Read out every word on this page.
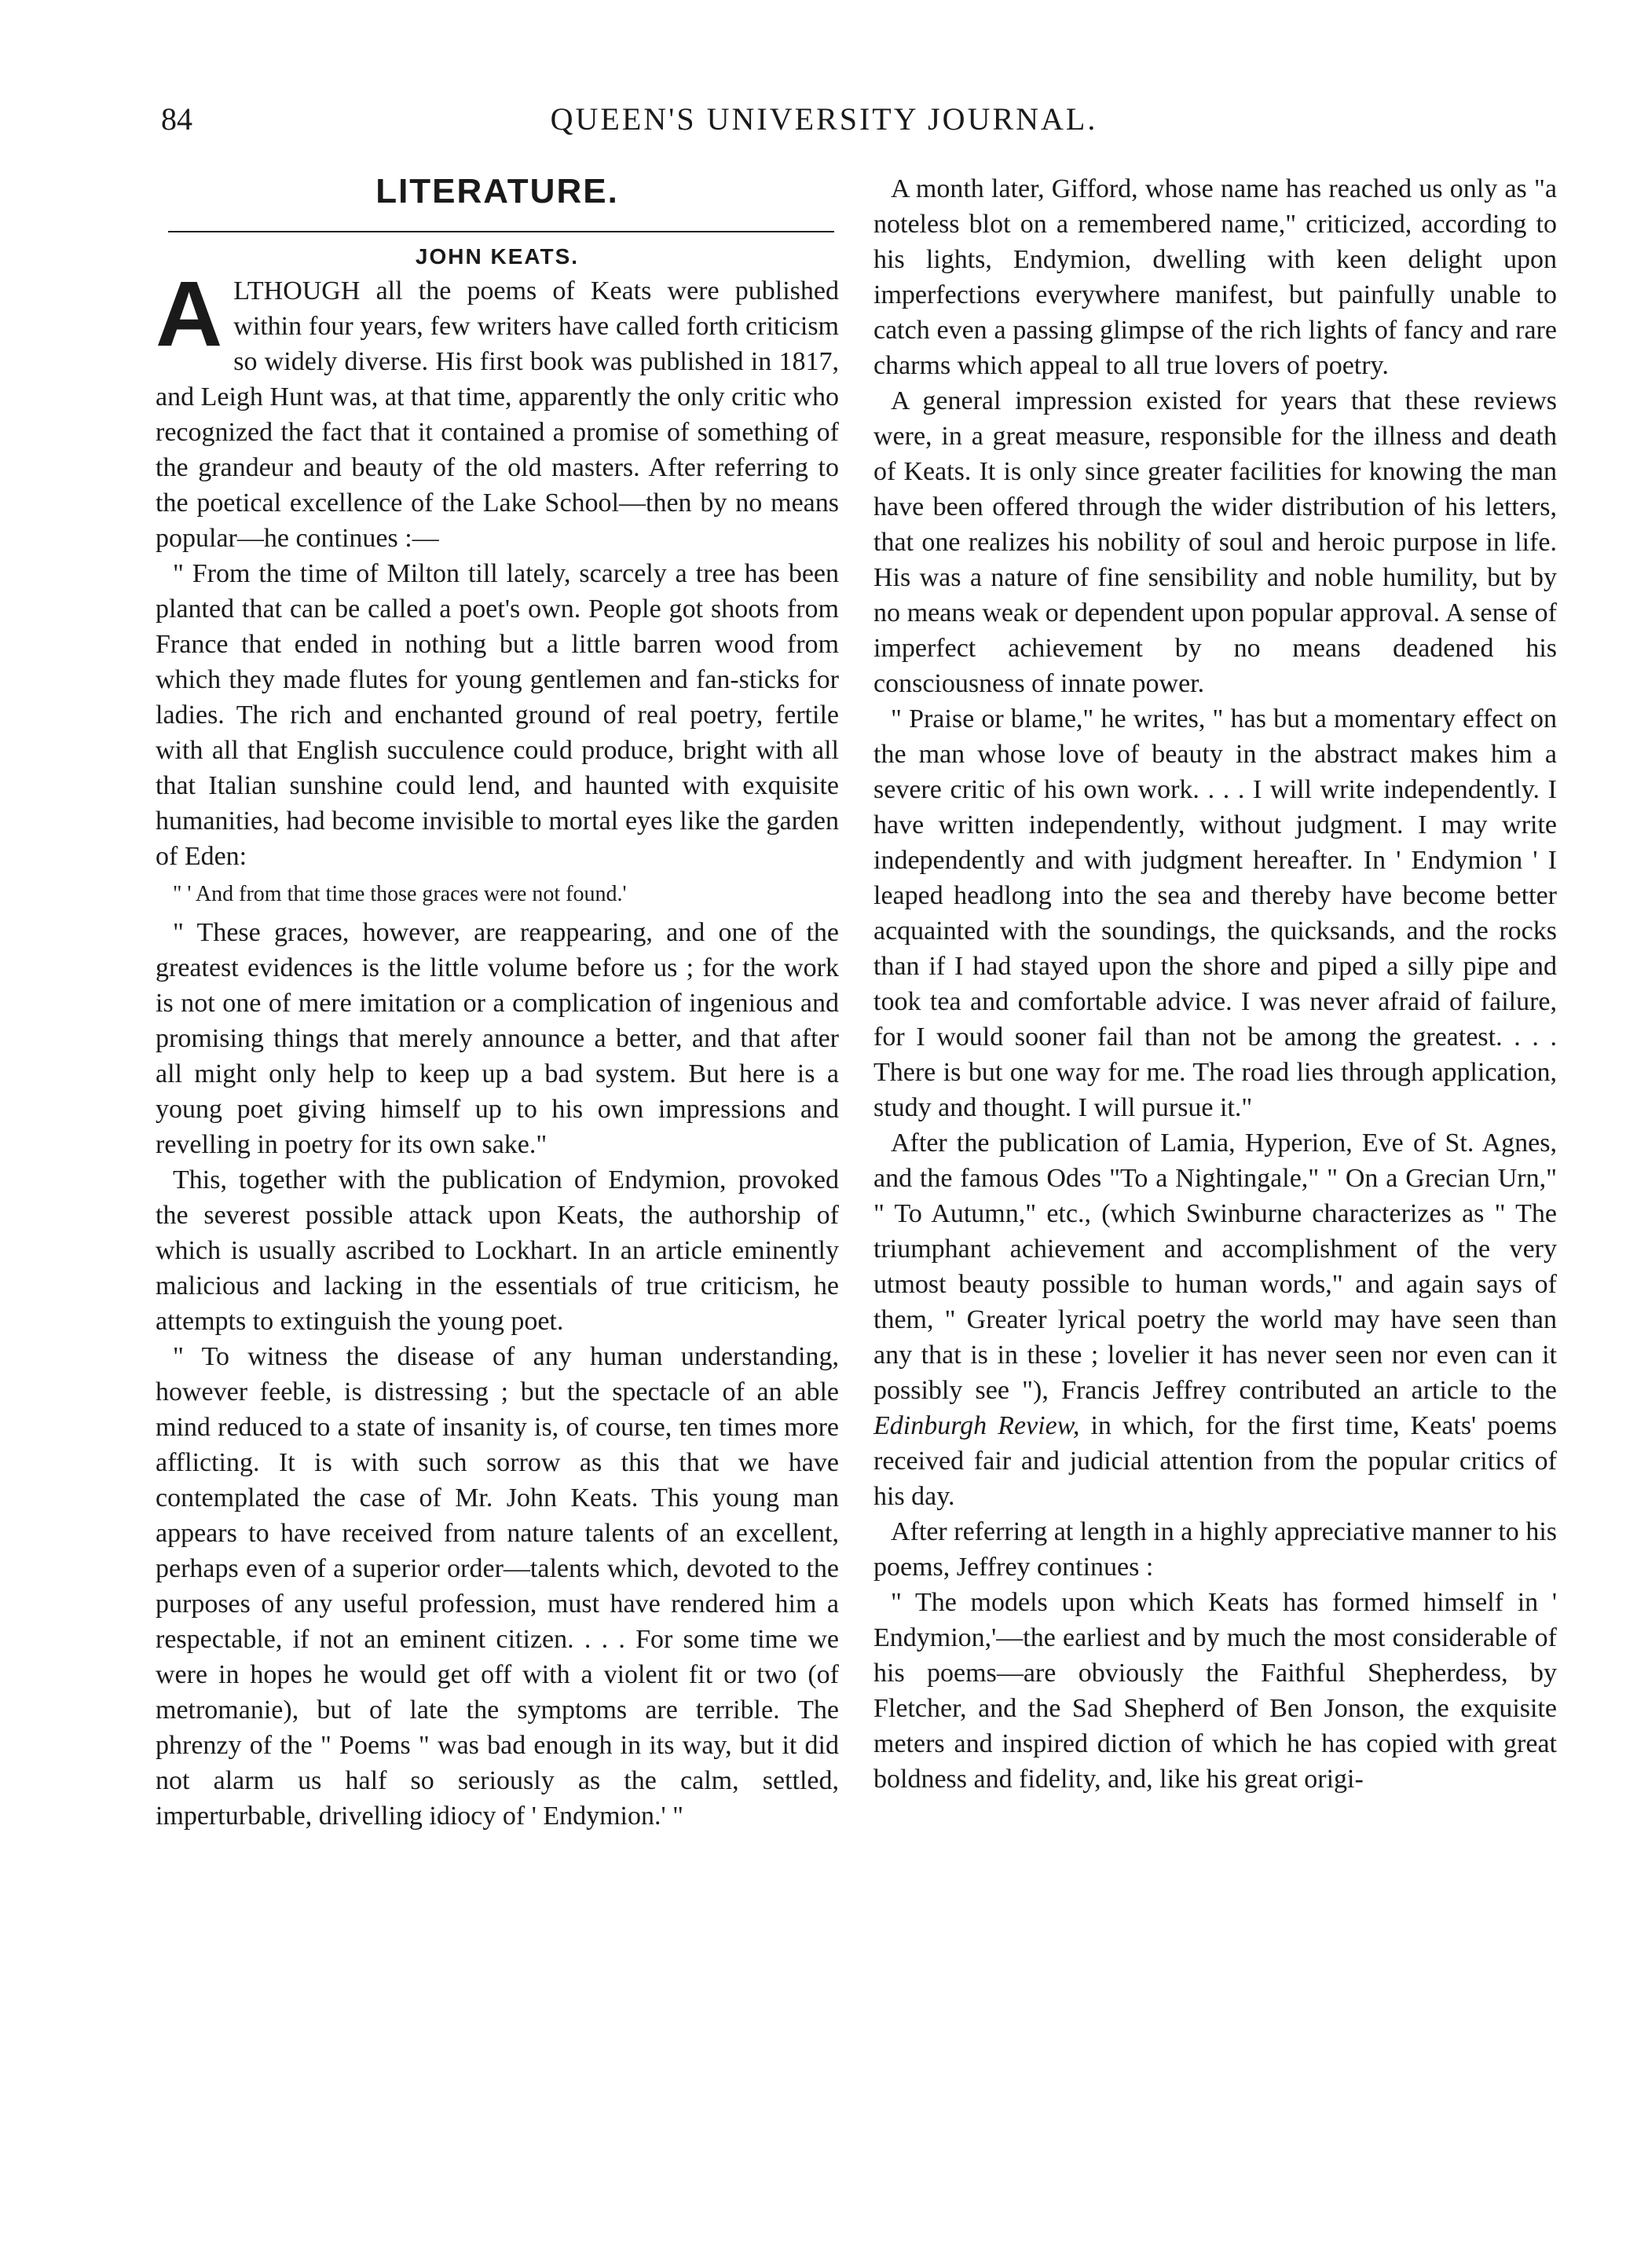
84	QUEEN'S UNIVERSITY JOURNAL.
LITERATURE.
JOHN KEATS.

ALTHOUGH all the poems of Keats were published within four years, few writers have called forth criticism so widely diverse. His first book was published in 1817, and Leigh Hunt was, at that time, apparently the only critic who recognized the fact that it contained a promise of something of the grandeur and beauty of the old masters. After referring to the poetical excellence of the Lake School—then by no means popular—he continues :—

" From the time of Milton till lately, scarcely a tree has been planted that can be called a poet's own. People got shoots from France that ended in nothing but a little barren wood from which they made flutes for young gentlemen and fan-sticks for ladies. The rich and enchanted ground of real poetry, fertile with all that English succulence could produce, bright with all that Italian sunshine could lend, and haunted with exquisite humanities, had become invisible to mortal eyes like the garden of Eden:

" ' And from that time those graces were not found.'

" These graces, however, are reappearing, and one of the greatest evidences is the little volume before us ; for the work is not one of mere imitation or a complication of ingenious and promising things that merely announce a better, and that after all might only help to keep up a bad system. But here is a young poet giving himself up to his own impressions and revelling in poetry for its own sake."

This, together with the publication of Endymion, provoked the severest possible attack upon Keats, the authorship of which is usually ascribed to Lockhart. In an article eminently malicious and lacking in the essentials of true criticism, he attempts to extinguish the young poet.

" To witness the disease of any human understanding, however feeble, is distressing ; but the spectacle of an able mind reduced to a state of insanity is, of course, ten times more afflicting. It is with such sorrow as this that we have contemplated the case of Mr. John Keats. This young man appears to have received from nature talents of an excellent, perhaps even of a superior order—talents which, devoted to the purposes of any useful profession, must have rendered him a respectable, if not an eminent citizen. . . . For some time we were in hopes he would get off with a violent fit or two (of metromanie), but of late the symptoms are terrible. The phrenzy of the " Poems " was bad enough in its way, but it did not alarm us half so seriously as the calm, settled, imperturbable, drivelling idiocy of ' Endymion.' "

A month later, Gifford, whose name has reached us only as "a noteless blot on a remembered name," criticized, according to his lights, Endymion, dwelling with keen delight upon imperfections everywhere manifest, but painfully unable to catch even a passing glimpse of the rich lights of fancy and rare charms which appeal to all true lovers of poetry.

A general impression existed for years that these reviews were, in a great measure, responsible for the illness and death of Keats. It is only since greater facilities for knowing the man have been offered through the wider distribution of his letters, that one realizes his nobility of soul and heroic purpose in life. His was a nature of fine sensibility and noble humility, but by no means weak or dependent upon popular approval. A sense of imperfect achievement by no means deadened his consciousness of innate power.

" Praise or blame," he writes, " has but a momentary effect on the man whose love of beauty in the abstract makes him a severe critic of his own work. . . . I will write independently. I have written independently, without judgment. I may write independently and with judgment hereafter. In ' Endymion ' I leaped headlong into the sea and thereby have become better acquainted with the soundings, the quicksands, and the rocks than if I had stayed upon the shore and piped a silly pipe and took tea and comfortable advice. I was never afraid of failure, for I would sooner fail than not be among the greatest. . . . There is but one way for me. The road lies through application, study and thought. I will pursue it."

After the publication of Lamia, Hyperion, Eve of St. Agnes, and the famous Odes "To a Nightingale," " On a Grecian Urn," " To Autumn," etc., (which Swinburne characterizes as " The triumphant achievement and accomplishment of the very utmost beauty possible to human words," and again says of them, " Greater lyrical poetry the world may have seen than any that is in these ; lovelier it has never seen nor even can it possibly see "), Francis Jeffrey contributed an article to the Edinburgh Review, in which, for the first time, Keats' poems received fair and judicial attention from the popular critics of his day.

After referring at length in a highly appreciative manner to his poems, Jeffrey continues :

" The models upon which Keats has formed himself in ' Endymion,'—the earliest and by much the most considerable of his poems—are obviously the Faithful Shepherdess, by Fletcher, and the Sad Shepherd of Ben Jonson, the exquisite meters and inspired diction of which he has copied with great boldness and fidelity, and, like his great origi-
